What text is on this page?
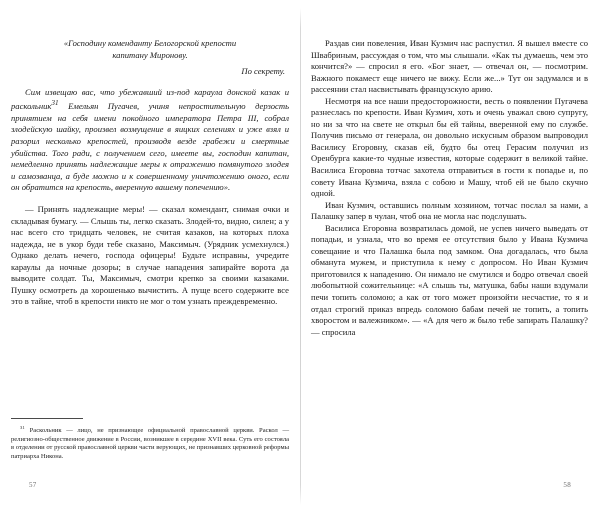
«Господину коменданту Белогорской крепости

капитану Миронову.

По секрету.

Сим извещаю вас, что убежавший из-под караула донской казак и раскольник$^{31}$ Емельян Пугачев, учиня непростительную дерзость принятием на себя имени покойного императора Петра III, собрал злодейскую шайку, произвел возмущение в яицких селениях и уже взял и разорил несколько крепостей, производя везде грабежи и смертные убийства. Того ради, с получением сего, имеете вы, господин капитан, немедленно принять надлежащие меры к отражению помянутого злодея и самозванца, а буде можно и к совершенному уничтожению оного, если он обратится на крепость, вверенную вашему попечению».

— Принять надлежащие меры! — сказал комендант, снимая очки и складывая бумагу. — Слышь ты, легко сказать. Злодей-то, видно, силен; а у нас всего сто тридцать человек, не считая казаков, на которых плоха надежда, не в укор буди тебе сказано, Максимыч. (Урядник усмехнулся.) Однако делать нечего, господа офицеры! Будьте исправны, учредите караулы да ночные дозоры; в случае нападения запирайте ворота да выводите солдат. Ты, Максимыч, смотри крепко за своими казаками. Пушку осмотреть да хорошенько вычистить. А пуще всего содержите все это в тайне, чтоб в крепости никто не мог о том узнать преждевременно.

$^{31}$ Раскольник — лицо, не признающее официальной православной церкви. Раскол — религиозно-общественное движение в России, возникшее в середине XVII века. Суть его состояла в отделении от русской православной церкви части верующих, не признавших церковной реформы патриарха Никона.

57

Раздав сии повеления, Иван Кузмич нас распустил. Я вышел вместе со Швабриным, рассуждая о том, что мы слышали. «Как ты думаешь, чем это кончится?» — спросил я его. «Бог знает, — отвечал он, — посмотрим. Важного покамест еще ничего не вижу. Если же...» Тут он задумался и в рассеянии стал насвистывать французскую арию.

Несмотря на все наши предосторожности, весть о появлении Пугачева разнеслась по крепости. Иван Кузмич, хоть и очень уважал свою супругу, но ни за что на свете не открыл бы ей тайны, вверенной ему по службе. Получив письмо от генерала, он довольно искусным образом выпроводил Василису Егоровну, сказав ей, будто бы отец Герасим получил из Оренбурга какие-то чудные известия, которые содержит в великой тайне. Василиса Егоровна тотчас захотела отправиться в гости к попадье и, по совету Ивана Кузмича, взяла с собою и Машу, чтоб ей не было скучно одной.

Иван Кузмич, оставшись полным хозяином, тотчас послал за нами, а Палашку запер в чулан, чтоб она не могла нас подслушать.

Василиса Егоровна возвратилась домой, не успев ничего выведать от попадьи, и узнала, что во время ее отсутствия было у Ивана Кузмича совещание и что Палашка была под замком. Она догадалась, что была обманута мужем, и приступила к нему с допросом. Но Иван Кузмич приготовился к нападению. Он нимало не смутился и бодро отвечал своей любопытной сожительнице: «А слышь ты, матушка, бабы наши вздумали печи топить соломою; а как от того может произойти несчастие, то я и отдал строгий приказ впредь соломою бабам печей не топить, а топить хворостом и валежником». — «А для чего ж было тебе запирать Палашку? — спросила

58
